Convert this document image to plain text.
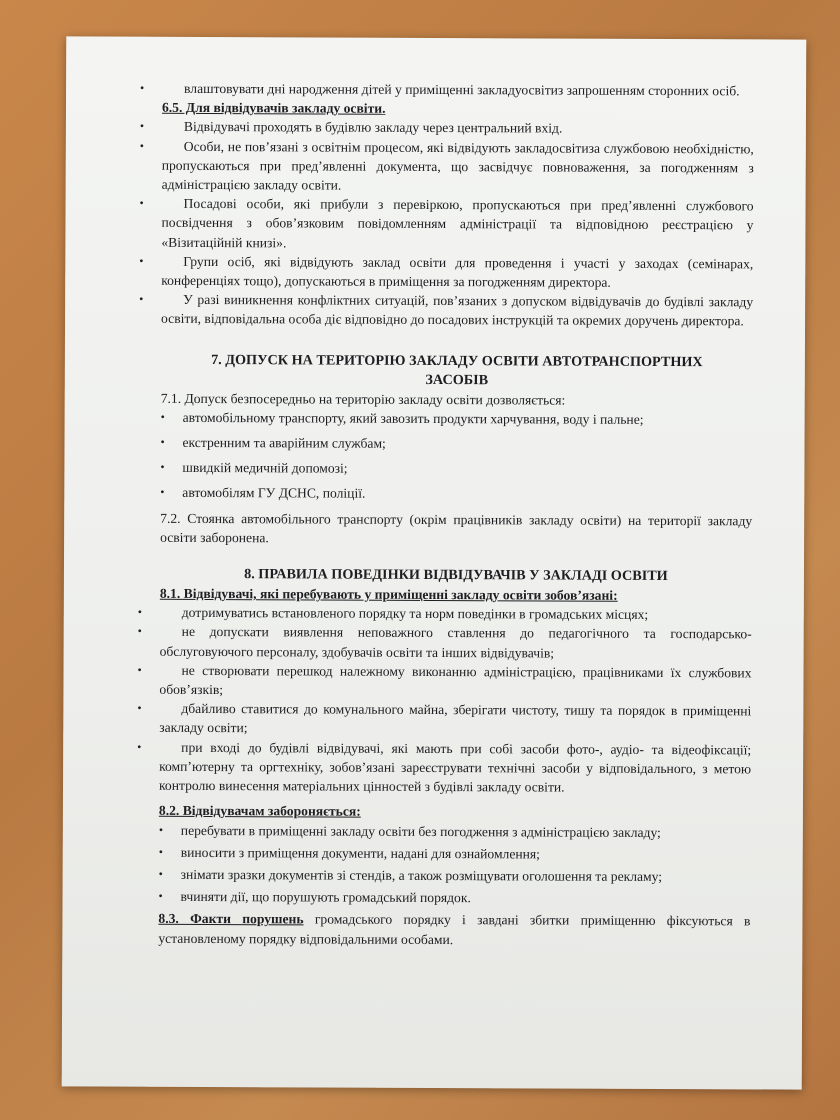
• влаштовувати дні народження дітей у приміщенні закладуосвітиз запрошенням сторонних осіб.

6.5. Для відвідувачів закладу освіти.

• Відвідувачі проходять в будівлю закладу через центральний вхід.

• Особи, не пов’язані з освітнім процесом, які відвідують закладосвітиза службовою необхідністю, пропускаються при пред’явленні документа, що засвідчує повноваження, за погодженням з адміністрацією закладу освіти.

• Посадові особи, які прибули з перевіркою, пропускаються при пред’явленні службового посвідчення з обов’язковим повідомленням адміністрації та відповідною реєстрацією у «Візитаційній книзі».

• Групи осіб, які відвідують заклад освіти для проведення і участі у заходах (семінарах, конференціях тощо), допускаються в приміщення за погодженням директора.

• У разі виникнення конфліктних ситуацій, пов’язаних з допуском відвідувачів до будівлі закладу освіти, відповідальна особа діє відповідно до посадових інструкцій та окремих доручень директора.

7. ДОПУСК НА ТЕРИТОРІЮ ЗАКЛАДУ ОСВІТИ АВТОТРАНСПОРТНИХ

ЗАСОБІВ

7.1. Допуск безпосередньо на територію закладу освіти дозволяється:

• автомобільному транспорту, який завозить продукти харчування, воду і пальне;

• екстренним та аварійним службам;

• швидкій медичній допомозі;

• автомобілям ГУ ДСНС, поліції.

7.2. Стоянка автомобільного транспорту (окрім працівників закладу освіти) на території закладу освіти заборонена.

8. ПРАВИЛА ПОВЕДІНКИ ВІДВІДУВАЧІВ У ЗАКЛАДІ ОСВІТИ

8.1. Відвідувачі, які перебувають у приміщенні закладу освіти зобов’язані:

• дотримуватись встановленого порядку та норм поведінки в громадських місцях;

• не допускати виявлення неповажного ставлення до педагогічного та господарсько-обслуговуючого персоналу, здобувачів освіти та інших відвідувачів;

• не створювати перешкод належному виконанню адміністрацією, працівниками їх службових обов’язків;

• дбайливо ставитися до комунального майна, зберігати чистоту, тишу та порядок в приміщенні закладу освіти;

• при вході до будівлі відвідувачі, які мають при собі засоби фото-, аудіо- та відеофіксації; комп’ютерну та оргтехніку, зобов’язані зареєструвати технічні засоби у відповідального, з метою контролю винесення матеріальних цінностей з будівлі закладу освіти.

8.2. Відвідувачам забороняється:

• перебувати в приміщенні закладу освіти без погодження з адміністрацією закладу;

• виносити з приміщення документи, надані для ознайомлення;

• знімати зразки документів зі стендів, а також розміщувати оголошення та рекламу;

• вчиняти дії, що порушують громадський порядок.

8.3. Факти порушень громадського порядку і завдані збитки приміщенню фіксуються в установленому порядку відповідальними особами.
